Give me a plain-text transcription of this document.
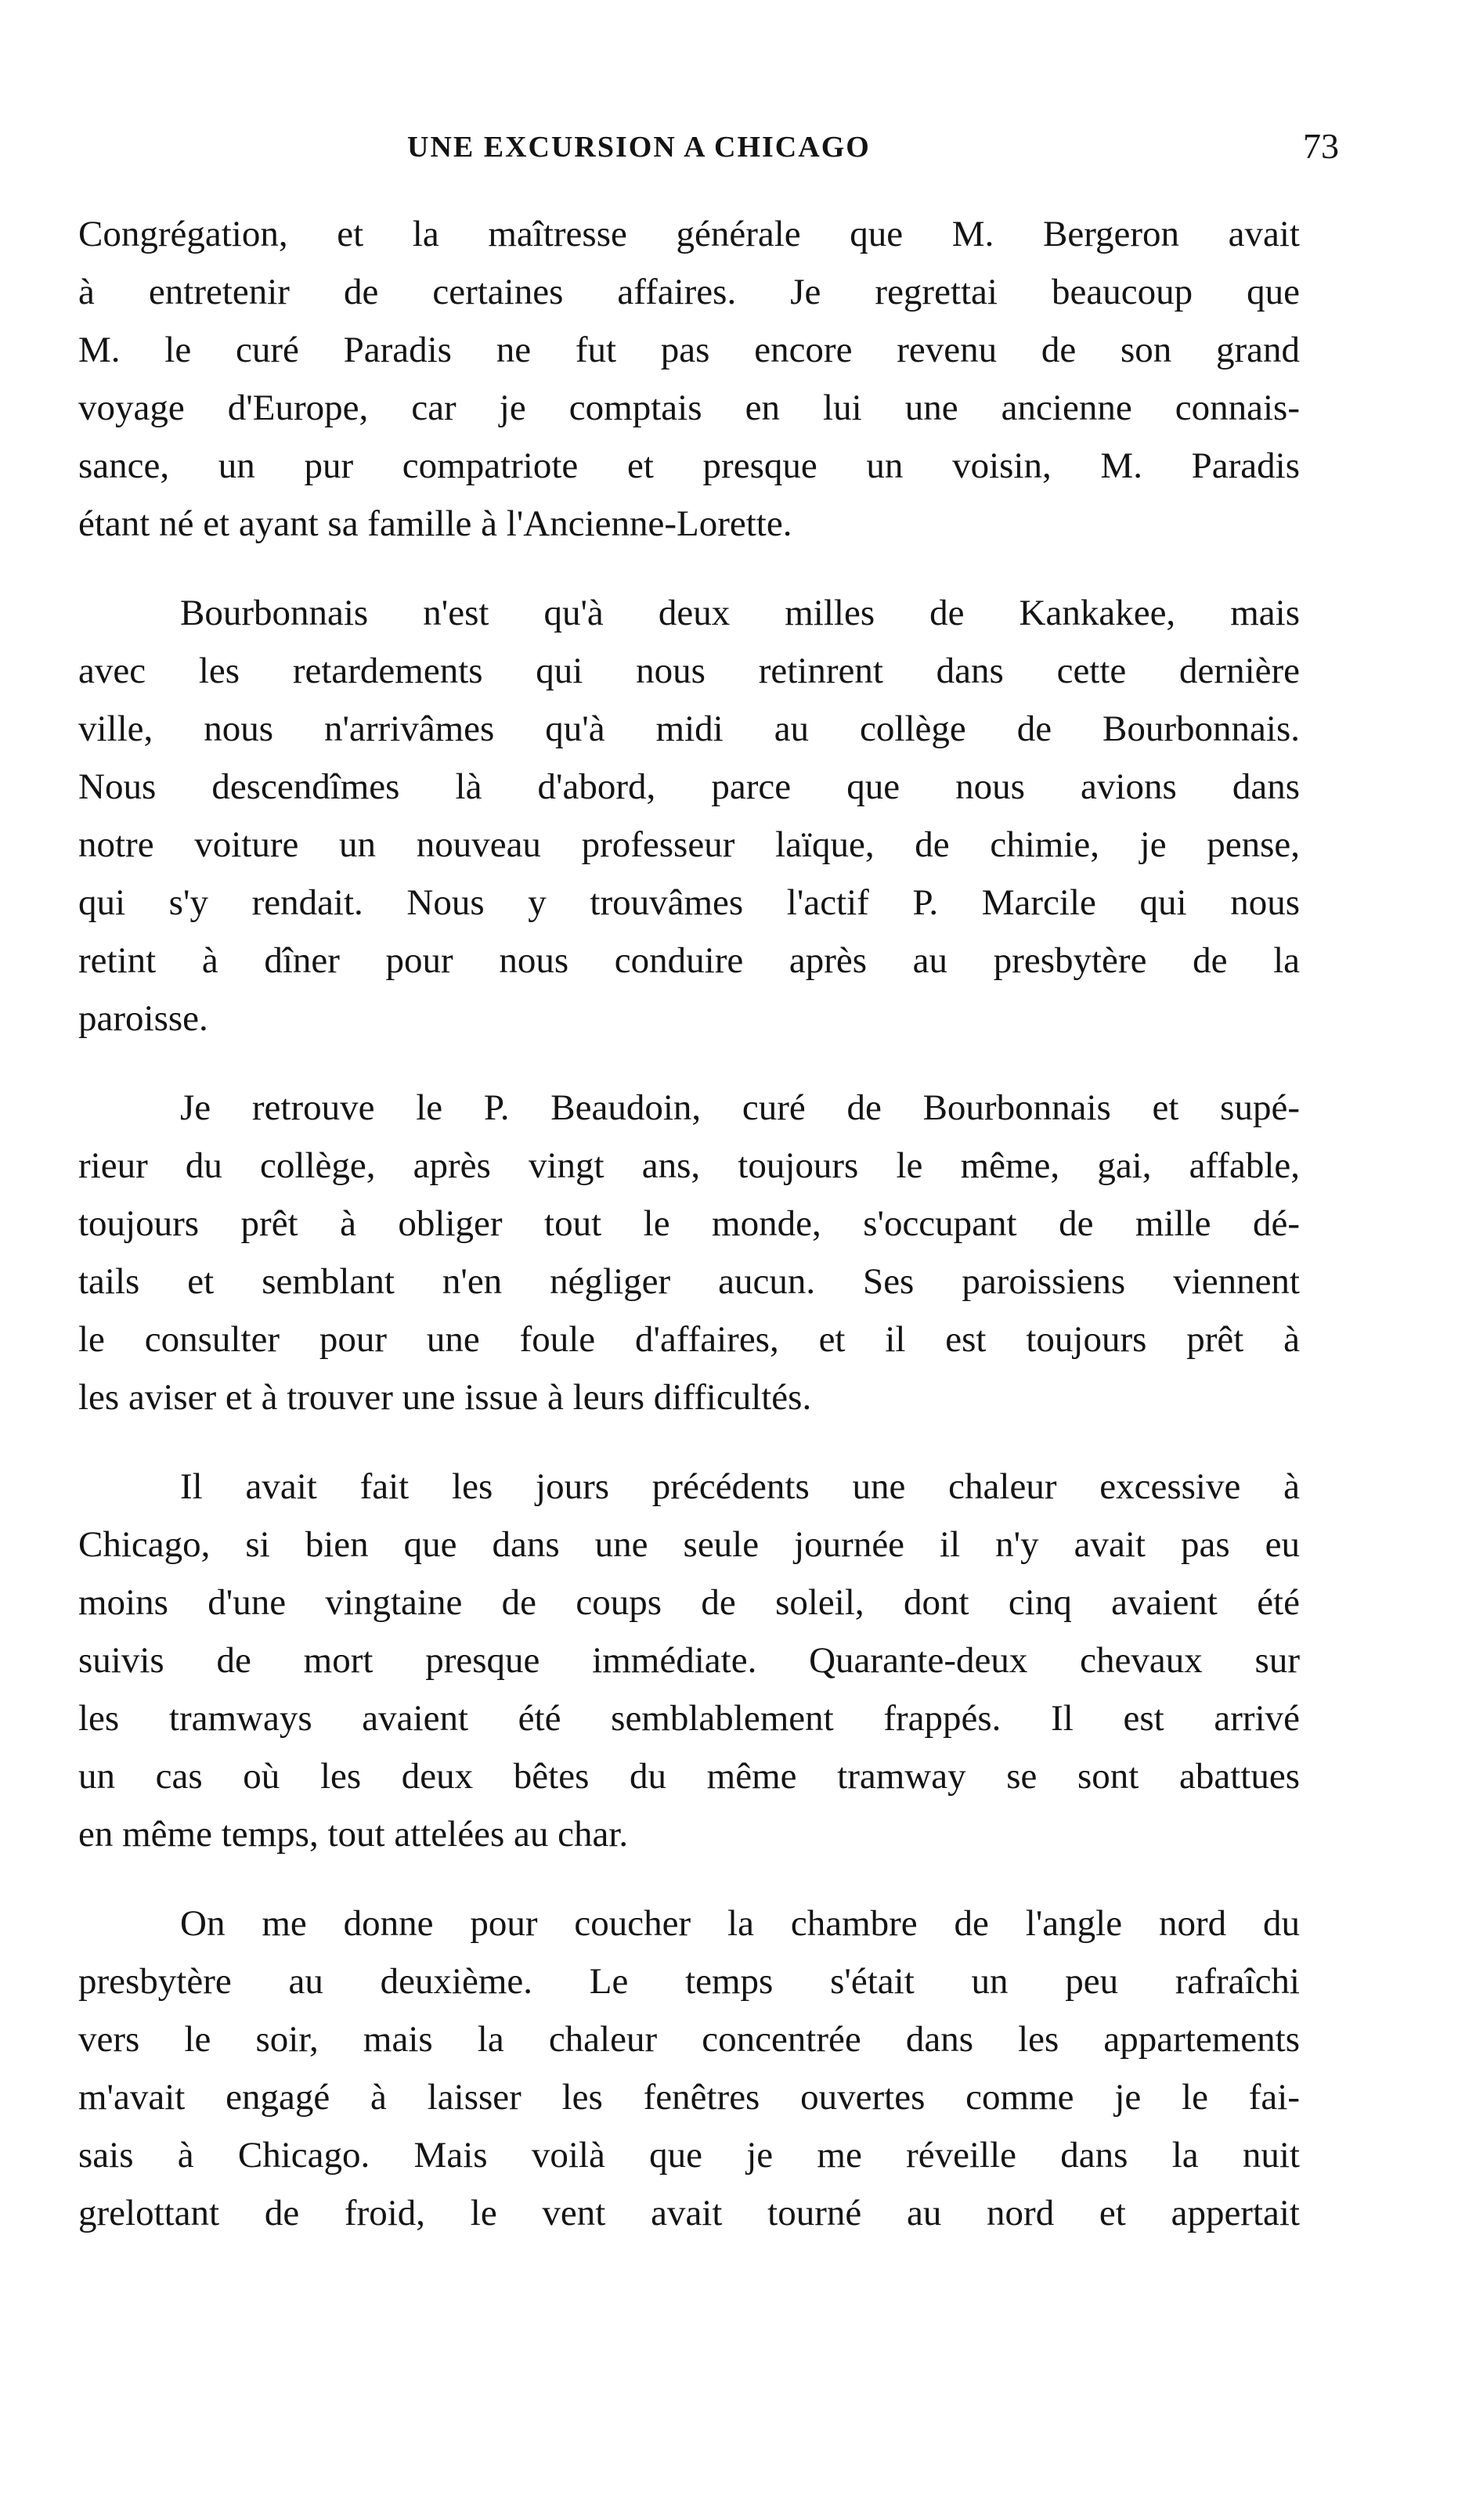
UNE EXCURSION A CHICAGO	73
Congrégation, et la maîtresse générale que M. Bergeron avait
à entretenir de certaines affaires. Je regrettai beaucoup que
M. le curé Paradis ne fut pas encore revenu de son grand
voyage d'Europe, car je comptais en lui une ancienne connais-
sance, un pur compatriote et presque un voisin, M. Paradis
étant né et ayant sa famille à l'Ancienne-Lorette.
Bourbonnais n'est qu'à deux milles de Kankakee, mais
avec les retardements qui nous retinrent dans cette dernière
ville, nous n'arrivâmes qu'à midi au collège de Bourbonnais.
Nous descendîmes là d'abord, parce que nous avions dans
notre voiture un nouveau professeur laïque, de chimie, je pense,
qui s'y rendait. Nous y trouvâmes l'actif P. Marcile qui nous
retint à dîner pour nous conduire après au presbytère de la
paroisse.
Je retrouve le P. Beaudoin, curé de Bourbonnais et supé-
rieur du collège, après vingt ans, toujours le même, gai, affable,
toujours prêt à obliger tout le monde, s'occupant de mille dé-
tails et semblant n'en négliger aucun. Ses paroissiens viennent
le consulter pour une foule d'affaires, et il est toujours prêt à
les aviser et à trouver une issue à leurs difficultés.
Il avait fait les jours précédents une chaleur excessive à
Chicago, si bien que dans une seule journée il n'y avait pas eu
moins d'une vingtaine de coups de soleil, dont cinq avaient été
suivis de mort presque immédiate. Quarante-deux chevaux sur
les tramways avaient été semblablement frappés. Il est arrivé
un cas où les deux bêtes du même tramway se sont abattues
en même temps, tout attelées au char.
On me donne pour coucher la chambre de l'angle nord du
presbytère au deuxième. Le temps s'était un peu rafraîchi
vers le soir, mais la chaleur concentrée dans les appartements
m'avait engagé à laisser les fenêtres ouvertes comme je le fai-
sais à Chicago. Mais voilà que je me réveille dans la nuit
grelottant de froid, le vent avait tourné au nord et appertait
